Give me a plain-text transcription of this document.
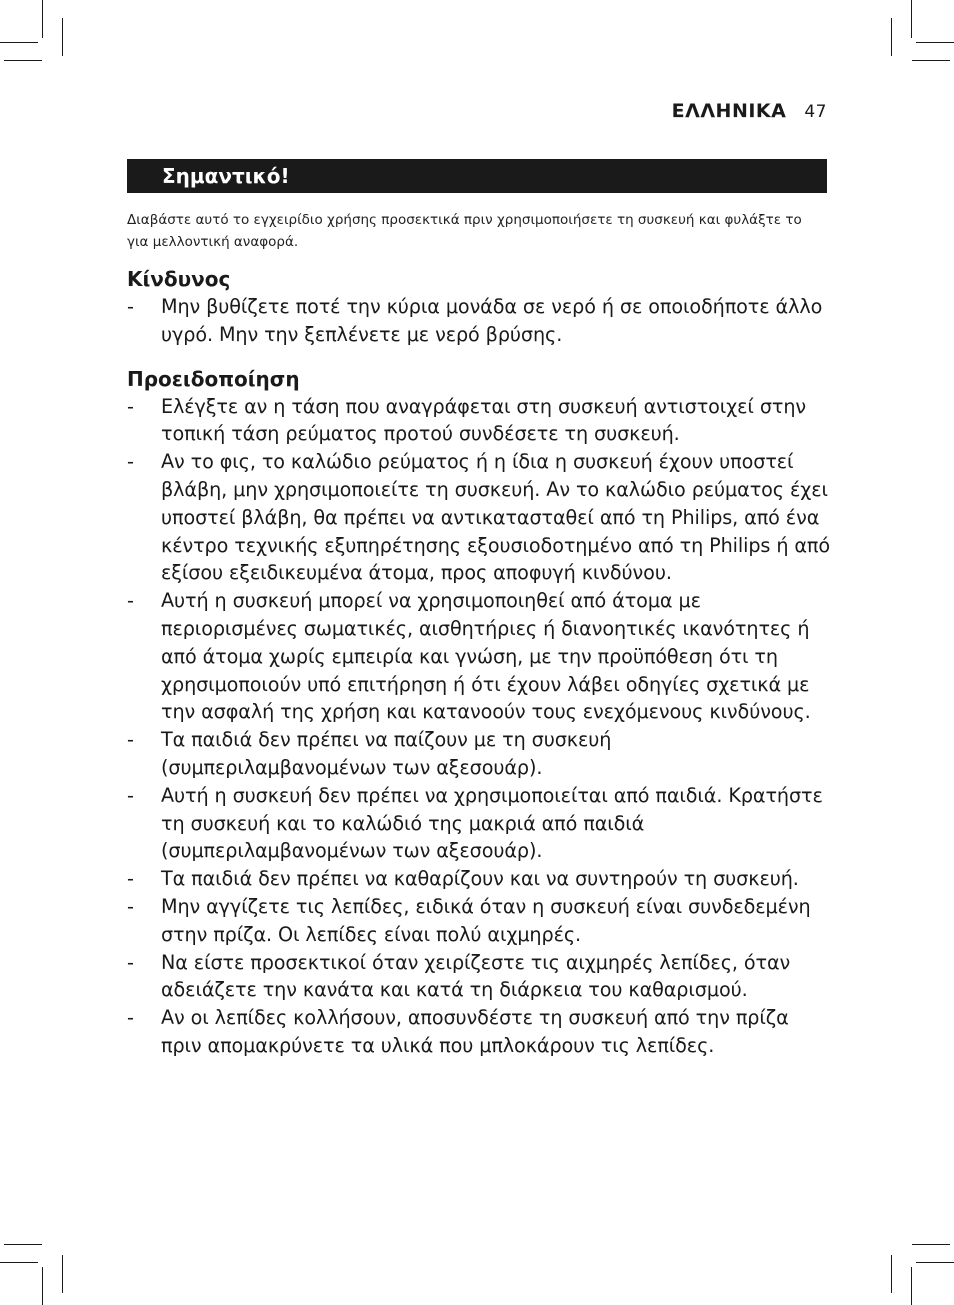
ΕΛΛΗΝΙΚΑ 47
Σημαντικό!
Διαβάστε αυτό το εγχειρίδιο χρήσης προσεκτικά πριν χρησιμοποιήσετε τη συσκευή και φυλάξτε το για μελλοντική αναφορά.
Κίνδυνος
- Μην βυθίζετε ποτέ την κύρια μονάδα σε νερό ή σε οποιοδήποτε άλλο υγρό. Μην την ξεπλένετε με νερό βρύσης.
Προειδοποίηση
- Ελέγξτε αν η τάση που αναγράφεται στη συσκευή αντιστοιχεί στην τοπική τάση ρεύματος προτού συνδέσετε τη συσκευή.
- Αν το φις, το καλώδιο ρεύματος ή η ίδια η συσκευή έχουν υποστεί βλάβη, μην χρησιμοποιείτε τη συσκευή. Αν το καλώδιο ρεύματος έχει υποστεί βλάβη, θα πρέπει να αντικατασταθεί από τη Philips, από ένα κέντρο τεχνικής εξυπηρέτησης εξουσιοδοτημένο από τη Philips ή από εξίσου εξειδικευμένα άτομα, προς αποφυγή κινδύνου.
- Αυτή η συσκευή μπορεί να χρησιμοποιηθεί από άτομα με περιορισμένες σωματικές, αισθητήριες ή διανοητικές ικανότητες ή από άτομα χωρίς εμπειρία και γνώση, με την προϋπόθεση ότι τη χρησιμοποιούν υπό επιτήρηση ή ότι έχουν λάβει οδηγίες σχετικά με την ασφαλή της χρήση και κατανοούν τους ενεχόμενους κινδύνους.
- Τα παιδιά δεν πρέπει να παίζουν με τη συσκευή (συμπεριλαμβανομένων των αξεσουάρ).
- Αυτή η συσκευή δεν πρέπει να χρησιμοποιείται από παιδιά. Κρατήστε τη συσκευή και το καλώδιό της μακριά από παιδιά (συμπεριλαμβανομένων των αξεσουάρ).
- Τα παιδιά δεν πρέπει να καθαρίζουν και να συντηρούν τη συσκευή.
- Μην αγγίζετε τις λεπίδες, ειδικά όταν η συσκευή είναι συνδεδεμένη στην πρίζα. Οι λεπίδες είναι πολύ αιχμηρές.
- Να είστε προσεκτικοί όταν χειρίζεστε τις αιχμηρές λεπίδες, όταν αδειάζετε την κανάτα και κατά τη διάρκεια του καθαρισμού.
- Αν οι λεπίδες κολλήσουν, αποσυνδέστε τη συσκευή από την πρίζα πριν απομακρύνετε τα υλικά που μπλοκάρουν τις λεπίδες.
